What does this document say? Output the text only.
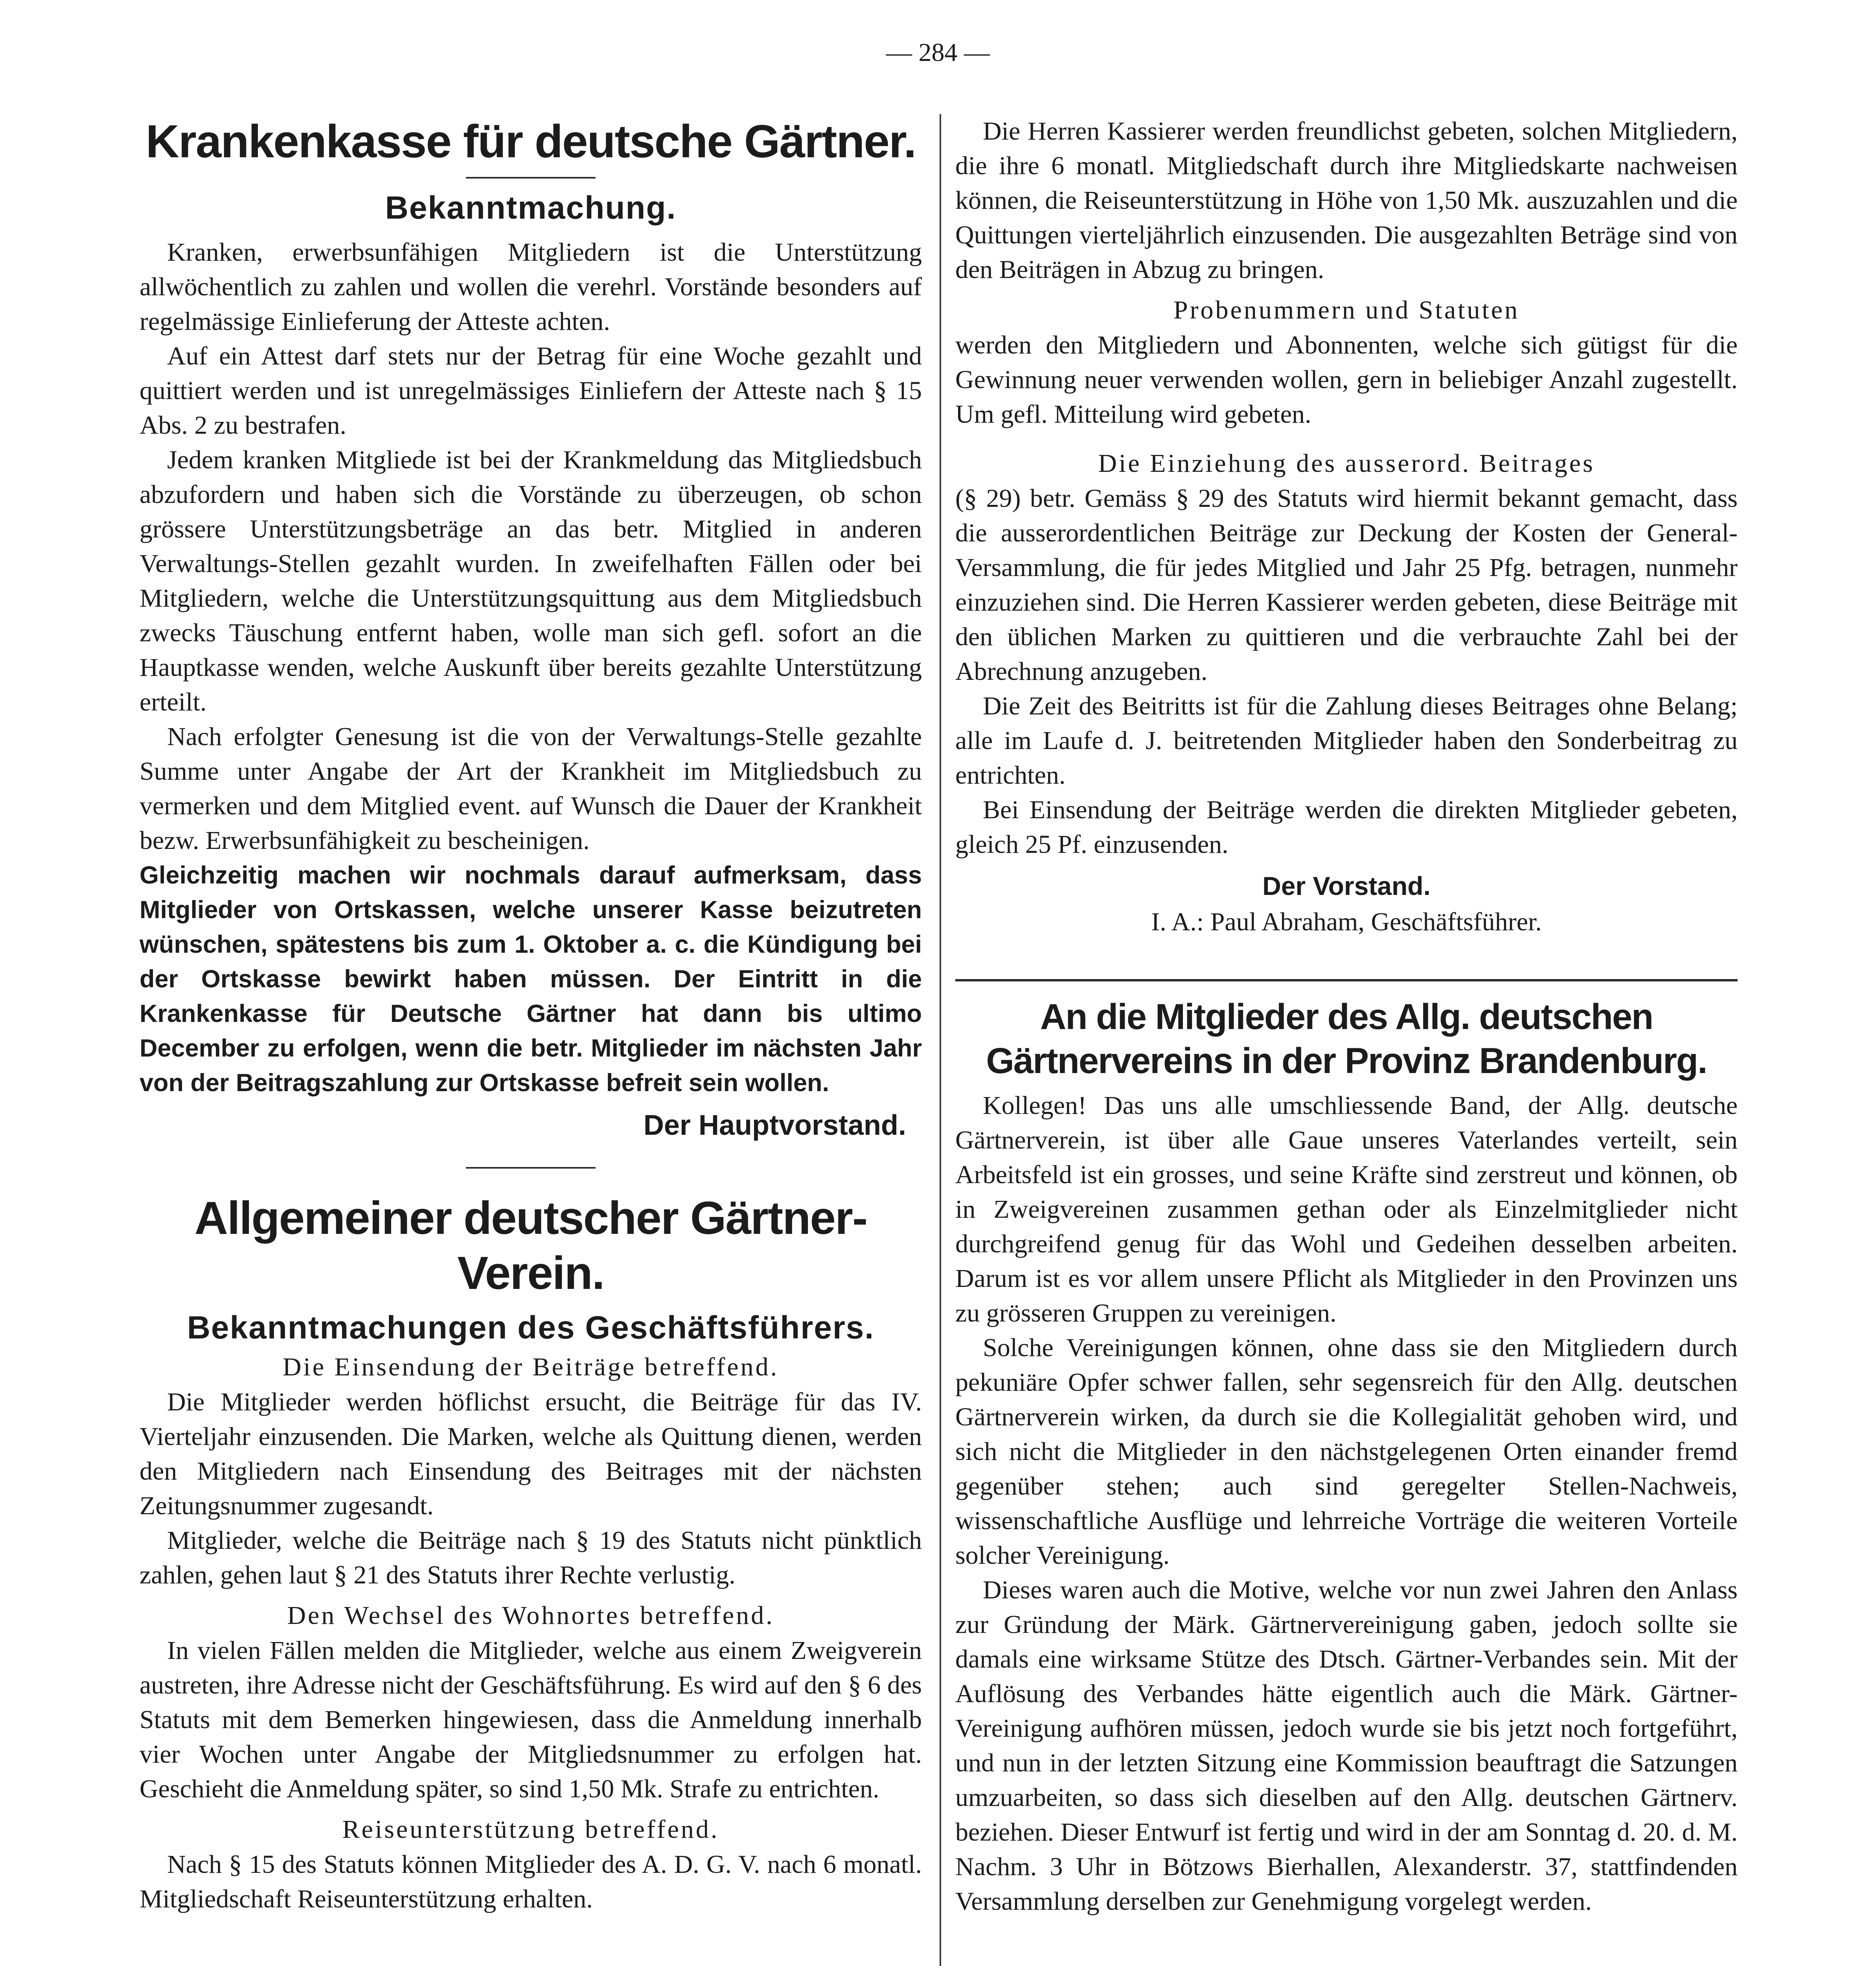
— 284 —
Krankenkasse für deutsche Gärtner.
Bekanntmachung.

Kranken, erwerbsunfähigen Mitgliedern ist die Unterstützung allwöchentlich zu zahlen und wollen die verehrl. Vorstände besonders auf regelmässige Einlieferung der Atteste achten.

Auf ein Attest darf stets nur der Betrag für eine Woche gezahlt und quittiert werden und ist unregelmässiges Einliefern der Atteste nach § 15 Abs. 2 zu bestrafen.

Jedem kranken Mitgliede ist bei der Krankmeldung das Mitgliedsbuch abzufordern und haben sich die Vorstände zu überzeugen, ob schon grössere Unterstützungsbeträge an das betr. Mitglied in anderen Verwaltungs-Stellen gezahlt wurden. In zweifelhaften Fällen oder bei Mitgliedern, welche die Unterstützungsquittung aus dem Mitgliedsbuch zwecks Täuschung entfernt haben, wolle man sich gefl. sofort an die Hauptkasse wenden, welche Auskunft über bereits gezahlte Unterstützung erteilt.

Nach erfolgter Genesung ist die von der Verwaltungs-Stelle gezahlte Summe unter Angabe der Art der Krankheit im Mitgliedsbuch zu vermerken und dem Mitglied event. auf Wunsch die Dauer der Krankheit bezw. Erwerbsunfähigkeit zu bescheinigen.

Gleichzeitig machen wir nochmals darauf aufmerksam, dass Mitglieder von Ortskassen, welche unserer Kasse beizutreten wünschen, spätestens bis zum 1. Oktober a. c. die Kündigung bei der Ortskasse bewirkt haben müssen. Der Eintritt in die Krankenkasse für Deutsche Gärtner hat dann bis ultimo December zu erfolgen, wenn die betr. Mitglieder im nächsten Jahr von der Beitragszahlung zur Ortskasse befreit sein wollen.

Der Hauptvorstand.

Allgemeiner deutscher Gärtner-Verein.
Bekanntmachungen des Geschäftsführers.

Die Einsendung der Beiträge betreffend.

Die Mitglieder werden höflichst ersucht, die Beiträge für das IV. Vierteljahr einzusenden. Die Marken, welche als Quittung dienen, werden den Mitgliedern nach Einsendung des Beitrages mit der nächsten Zeitungsnummer zugesandt.

Mitglieder, welche die Beiträge nach § 19 des Statuts nicht pünktlich zahlen, gehen laut § 21 des Statuts ihrer Rechte verlustig.

Den Wechsel des Wohnortes betreffend.

In vielen Fällen melden die Mitglieder, welche aus einem Zweigverein austreten, ihre Adresse nicht der Geschäftsführung. Es wird auf den § 6 des Statuts mit dem Bemerken hingewiesen, dass die Anmeldung innerhalb vier Wochen unter Angabe der Mitgliedsnummer zu erfolgen hat. Geschieht die Anmeldung später, so sind 1,50 Mk. Strafe zu entrichten.

Reiseunterstützung betreffend.

Nach § 15 des Statuts können Mitglieder des A. D. G. V. nach 6 monatl. Mitgliedschaft Reiseunterstützung erhalten.

Die Herren Kassierer werden freundlichst gebeten, solchen Mitgliedern, die ihre 6 monatl. Mitgliedschaft durch ihre Mitgliedskarte nachweisen können, die Reiseunterstützung in Höhe von 1,50 Mk. auszuzahlen und die Quittungen vierteljährlich einzusenden. Die ausgezahlten Beträge sind von den Beiträgen in Abzug zu bringen.

Probenummern und Statuten

werden den Mitgliedern und Abonnenten, welche sich gütigst für die Gewinnung neuer verwenden wollen, gern in beliebiger Anzahl zugestellt. Um gefl. Mitteilung wird gebeten.

Die Einziehung des ausserord. Beitrages

(§ 29) betr. Gemäss § 29 des Statuts wird hiermit bekannt gemacht, dass die ausserordentlichen Beiträge zur Deckung der Kosten der General-Versammlung, die für jedes Mitglied und Jahr 25 Pfg. betragen, nunmehr einzuziehen sind. Die Herren Kassierer werden gebeten, diese Beiträge mit den üblichen Marken zu quittieren und die verbrauchte Zahl bei der Abrechnung anzugeben.

Die Zeit des Beitritts ist für die Zahlung dieses Beitrages ohne Belang; alle im Laufe d. J. beitretenden Mitglieder haben den Sonderbeitrag zu entrichten.

Bei Einsendung der Beiträge werden die direkten Mitglieder gebeten, gleich 25 Pf. einzusenden.

Der Vorstand.

I. A.: Paul Abraham, Geschäftsführer.

An die Mitglieder des Allg. deutschen Gärtnervereins in der Provinz Brandenburg.

Kollegen! Das uns alle umschliessende Band, der Allg. deutsche Gärtnerverein, ist über alle Gaue unseres Vaterlandes verteilt, sein Arbeitsfeld ist ein grosses, und seine Kräfte sind zerstreut und können, ob in Zweigvereinen zusammen gethan oder als Einzelmitglieder nicht durchgreifend genug für das Wohl und Gedeihen desselben arbeiten. Darum ist es vor allem unsere Pflicht als Mitglieder in den Provinzen uns zu grösseren Gruppen zu vereinigen.

Solche Vereinigungen können, ohne dass sie den Mitgliedern durch pekuniäre Opfer schwer fallen, sehr segensreich für den Allg. deutschen Gärtnerverein wirken, da durch sie die Kollegialität gehoben wird, und sich nicht die Mitglieder in den nächstgelegenen Orten einander fremd gegenüber stehen; auch sind geregelter Stellen-Nachweis, wissenschaftliche Ausflüge und lehrreiche Vorträge die weiteren Vorteile solcher Vereinigung.

Dieses waren auch die Motive, welche vor nun zwei Jahren den Anlass zur Gründung der Märk. Gärtnervereinigung gaben, jedoch sollte sie damals eine wirksame Stütze des Dtsch. Gärtner-Verbandes sein. Mit der Auflösung des Verbandes hätte eigentlich auch die Märk. Gärtner-Vereinigung aufhören müssen, jedoch wurde sie bis jetzt noch fortgeführt, und nun in der letzten Sitzung eine Kommission beauftragt die Satzungen umzuarbeiten, so dass sich dieselben auf den Allg. deutschen Gärtnerv. beziehen. Dieser Entwurf ist fertig und wird in der am Sonntag d. 20. d. M. Nachm. 3 Uhr in Bötzows Bierhallen, Alexanderstr. 37, stattfindenden Versammlung derselben zur Genehmigung vorgelegt werden.
